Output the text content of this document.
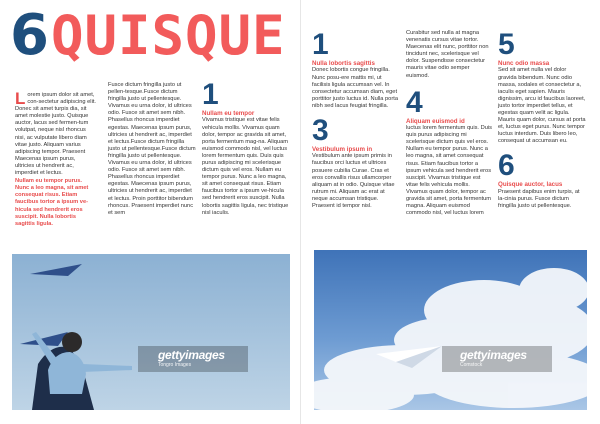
6 QUISQUE
L orem ipsum dolor sit amet, con-sectetur adipiscing elit. Donec sit amet turpis dia, sit amet molestie justo. Quisque auctor, lacus sed fermen-tum volutpat, neque nisl rhoncus nisi, ac vulputate libero diam vitae justo. Aliquam varius adipiscing tempor. Praesent Maecenas ipsum purus, ultricies ut hendrerit ac, imperdiet et lectus.

Nullam eu tempor purus. Nunc a leo magna, sit amet consequat risus. Etiam faucibus tortor a ipsum ve-hicula sed hendrerit eros suscipit. Nulla lobortis sagittis ligula.

Fusce dictum fringilla justo ut pellen-tesque.Fusce dictum fringilla justo ut pellentesque. Vivamus eu urna dolor, id ultrices odio. Fusce sit amet sem nibh. Phasellus rhoncus imperdiet egestas. Maecenas ipsum purus, ultricies ut hendrerit ac, imperdiet et lectus.Fusce dictum fringilla justo ut pellentesque.Fusce dictum fringilla justo ut pellentesque. Vivamus eu urna dolor, id ultrices odio. Fusce sit amet sem nibh. Phasellus rhoncus imperdiet egestas. Maecenas ipsum purus, ultricies ut hendrerit ac, imperdiet et lectus. Proin porttitor bibendum rhoncus. Praesent imperdiet nunc et sem

1

Nullam eu tempor

Vivamus tristique est vitae felis vehicula mollis. Vivamus quam dolor, tempor ac gravida sit amet, porta fermentum mag-na. Aliquam euismod commodo nisl, vel luctus lorem fermentum quis. Duis quis purus adipiscing mi scelerisque dictum quis vel eros. Nullam eu tempor purus. Nunc a leo magna, sit amet consequat risus. Etiam faucibus tortor a ipsum ve-hicula sed hendrerit eros suscipit. Nulla lobortis sagittis ligula, nec tristique nisl iaculis.

gettyimages
Tongro Images

1

Nulla lobortis sagittis

Donec lobortis congue fringilla. Nunc posu-ere mattis mi, ut facilisis ligula accumsan vel. In consectetur accumsan diam, eget porttitor justo luctus id. Nulla porta nibh sed lacus feugiat fringilla.

3

Vestibulum ipsum in

Vestibulum ante ipsum primis in faucibus orci luctus et ultrices posuere cubilia Curae. Cras et eros convallis risus ullamcorper aliquam at in odio. Quisque vitae rutrum mi. Aliquam ac erat at neque accumsan tristique. Praesent id tempor nisl.

Curabitur sed nulla at magna venenatis cursus vitae tortor. Maecenas elit nunc, porttitor non tincidunt nec, scelerisque vel dolor. Suspendisse consectetur mauris vitae odio semper euismod.

4

Aliquam euismod id

luctus lorem fermentum quis. Duis quis purus adipiscing mi scelerisque dictum quis vel eros. Nullam eu tempor purus. Nunc a leo magna, sit amet consequat risus. Etiam faucibus tortor a ipsum vehicula sed hendrerit eros suscipit. Vivamus tristique est vitae felis vehicula mollis. Vivamus quam dolor, tempor ac gravida sit amet, porta fermentum magna. Aliquam euismod commodo nisl, vel luctus lorem

5

Nunc odio massa

Sed sit amet nulla vel dolor gravida bibendum. Nunc odio massa, sodales et consectetur a, iaculis eget sapien. Mauris dignissim, arcu id faucibus laoreet, justo tortor imperdiet tellus, et egestas quam velit ac ligula. Mauris quam dolor, cursus at porta et, luctus eget purus. Nunc tempor luctus interdum. Duis libero leo, consequat ut accumsan eu.

6

Quisque auctor, lacus

Praesent dapibus enim turpis, at la-cinia purus. Fusce dictum fringilla justo ut pellentesque.

gettyimages
Comstock
